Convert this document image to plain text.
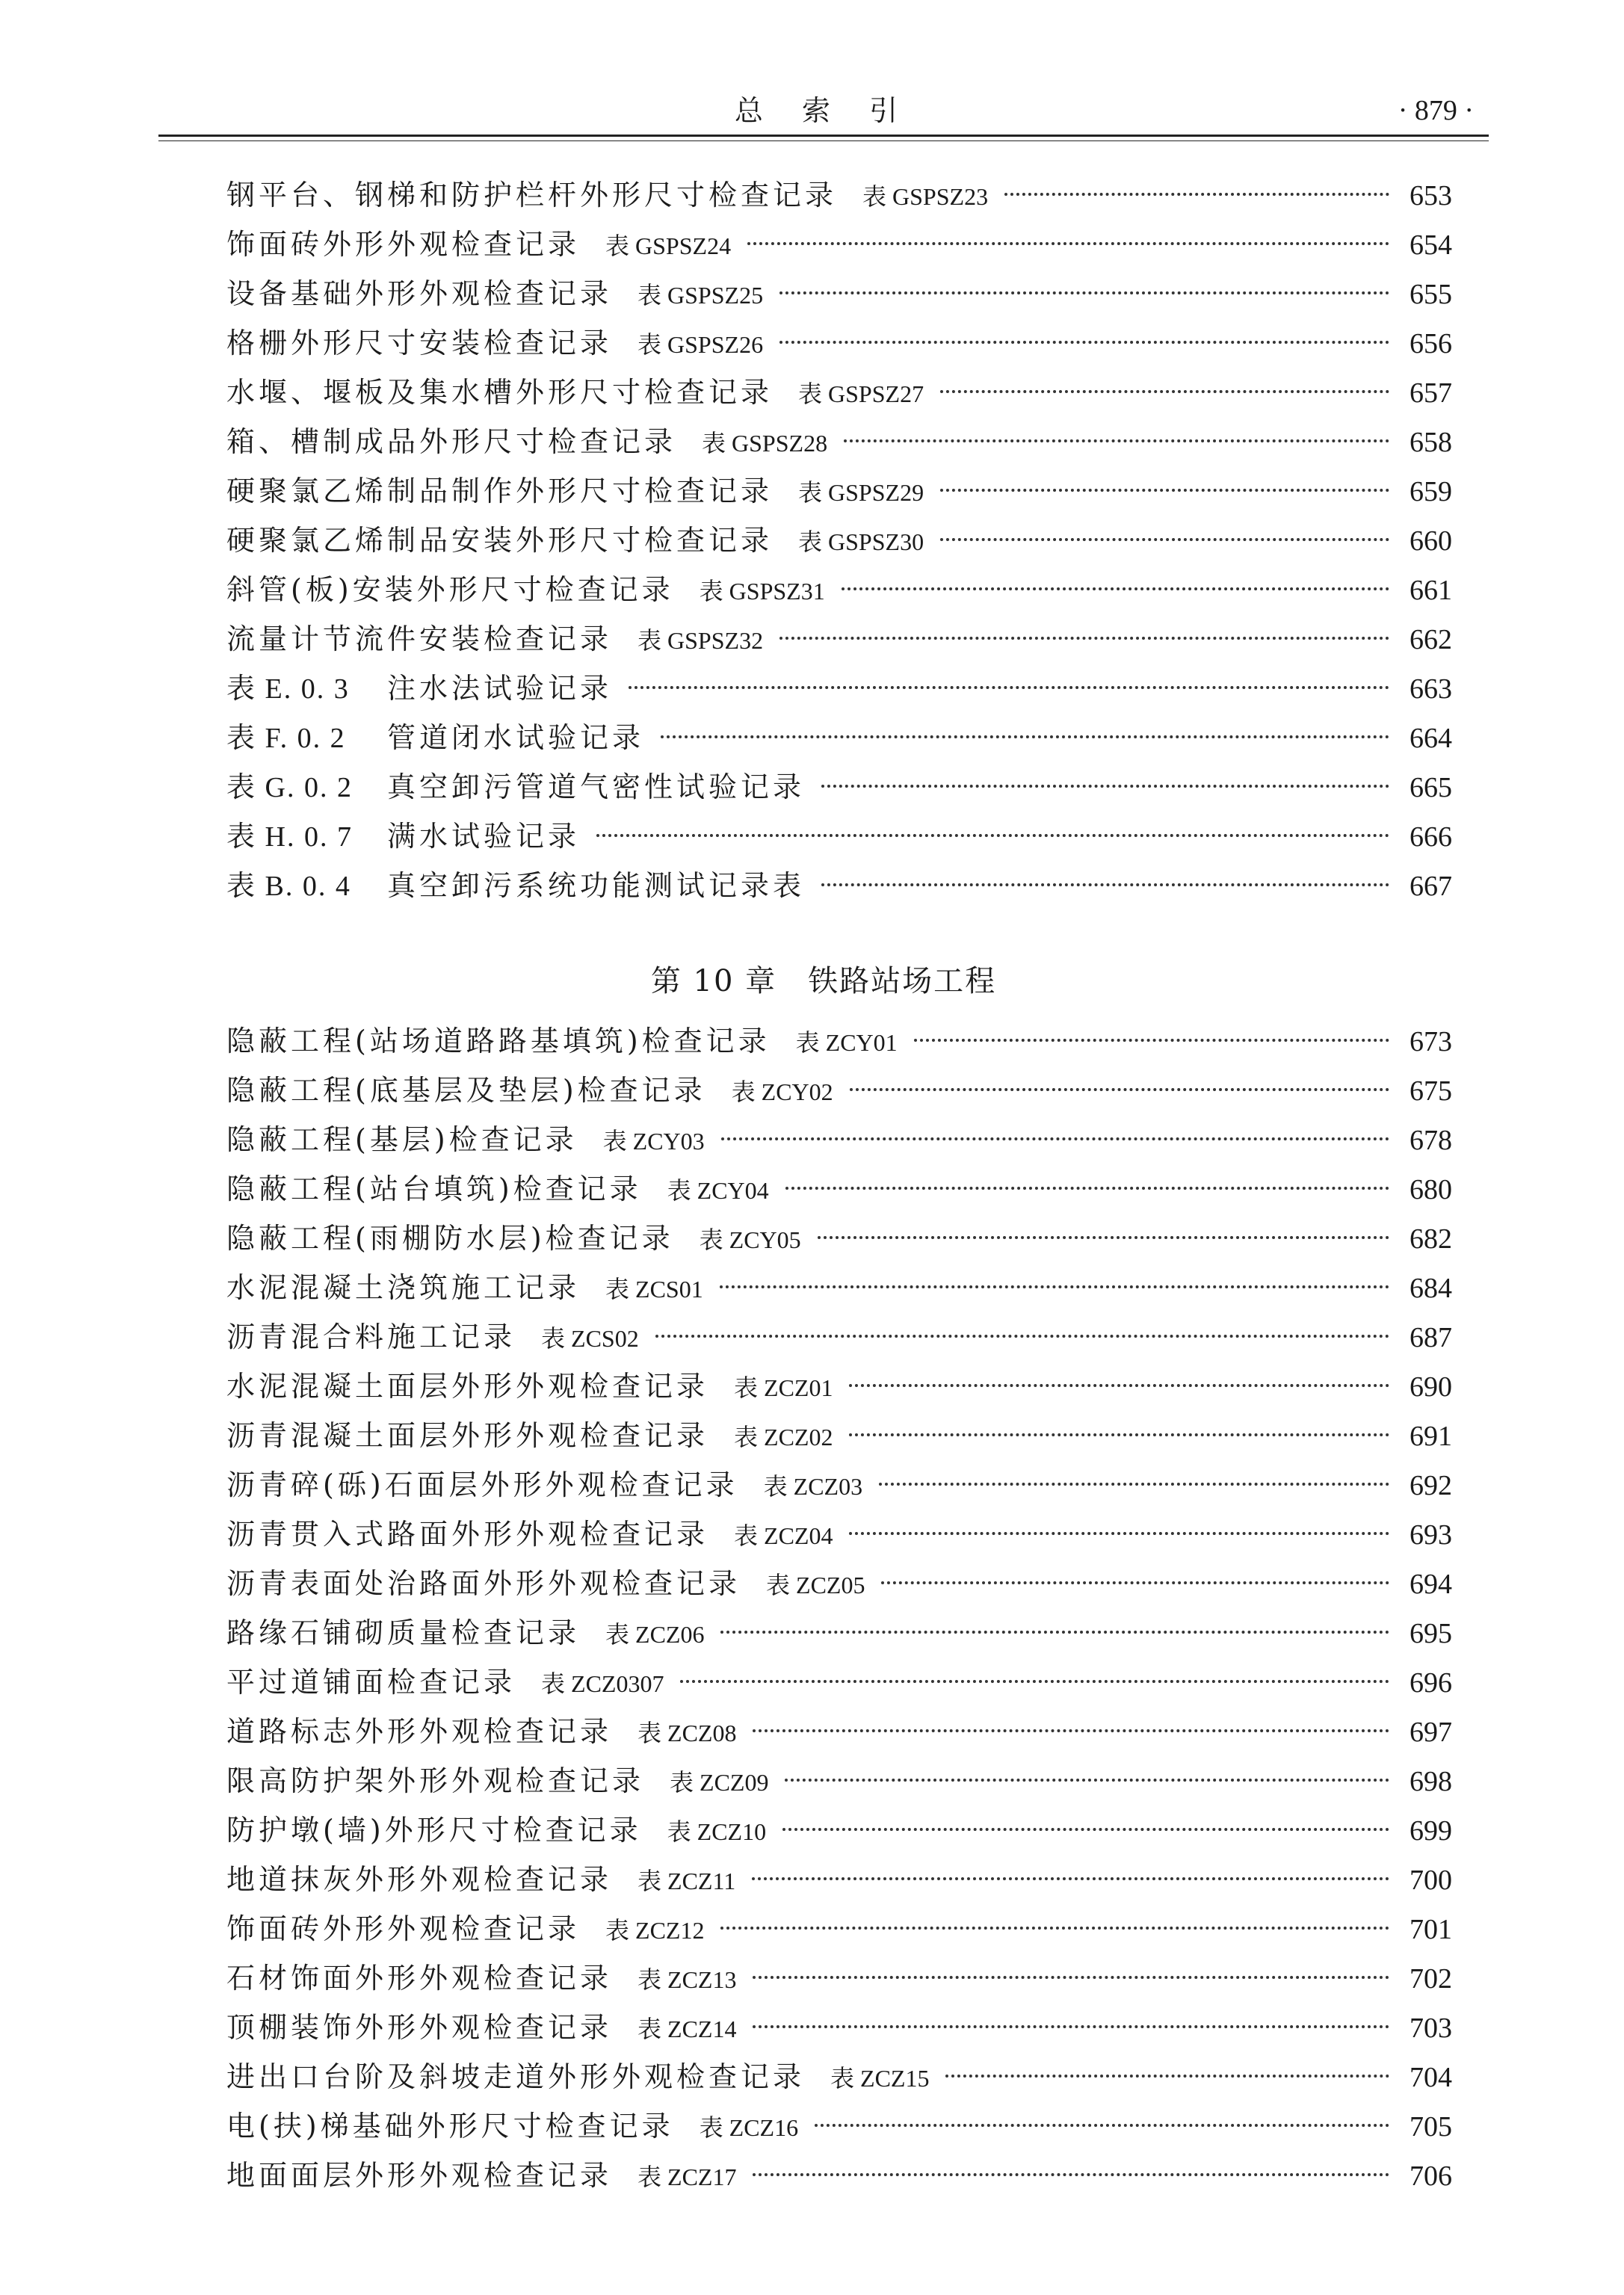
总 索 引	· 879 ·
钢平台、钢梯和防护栏杆外形尺寸检查记录 表 GSPSZ23	653
饰面砖外形外观检查记录 表 GSPSZ24	654
设备基础外形外观检查记录 表 GSPSZ25	655
格栅外形尺寸安装检查记录 表 GSPSZ26	656
水堰、堰板及集水槽外形尺寸检查记录 表 GSPSZ27	657
箱、槽制成品外形尺寸检查记录 表 GSPSZ28	658
硬聚氯乙烯制品制作外形尺寸检查记录 表 GSPSZ29	659
硬聚氯乙烯制品安装外形尺寸检查记录 表 GSPSZ30	660
斜管(板)安装外形尺寸检查记录 表 GSPSZ31	661
流量计节流件安装检查记录 表 GSPSZ32	662
表 E. 0. 3	注水法试验记录	663
表 F. 0. 2	管道闭水试验记录	664
表 G. 0. 2	真空卸污管道气密性试验记录	665
表 H. 0. 7	满水试验记录	666
表 B. 0. 4	真空卸污系统功能测试记录表	667
第 10 章　铁路站场工程
隐蔽工程(站场道路路基填筑)检查记录 表 ZCY01	673
隐蔽工程(底基层及垫层)检查记录 表 ZCY02	675
隐蔽工程(基层)检查记录 表 ZCY03	678
隐蔽工程(站台填筑)检查记录 表 ZCY04	680
隐蔽工程(雨棚防水层)检查记录 表 ZCY05	682
水泥混凝土浇筑施工记录 表 ZCS01	684
沥青混合料施工记录 表 ZCS02	687
水泥混凝土面层外形外观检查记录 表 ZCZ01	690
沥青混凝土面层外形外观检查记录 表 ZCZ02	691
沥青碎(砾)石面层外形外观检查记录 表 ZCZ03	692
沥青贯入式路面外形外观检查记录 表 ZCZ04	693
沥青表面处治路面外形外观检查记录 表 ZCZ05	694
路缘石铺砌质量检查记录 表 ZCZ06	695
平过道铺面检查记录 表 ZCZ0307	696
道路标志外形外观检查记录 表 ZCZ08	697
限高防护架外形外观检查记录 表 ZCZ09	698
防护墩(墙)外形尺寸检查记录 表 ZCZ10	699
地道抹灰外形外观检查记录 表 ZCZ11	700
饰面砖外形外观检查记录 表 ZCZ12	701
石材饰面外形外观检查记录 表 ZCZ13	702
顶棚装饰外形外观检查记录 表 ZCZ14	703
进出口台阶及斜坡走道外形外观检查记录 表 ZCZ15	704
电(扶)梯基础外形尺寸检查记录 表 ZCZ16	705
地面面层外形外观检查记录 表 ZCZ17	706
